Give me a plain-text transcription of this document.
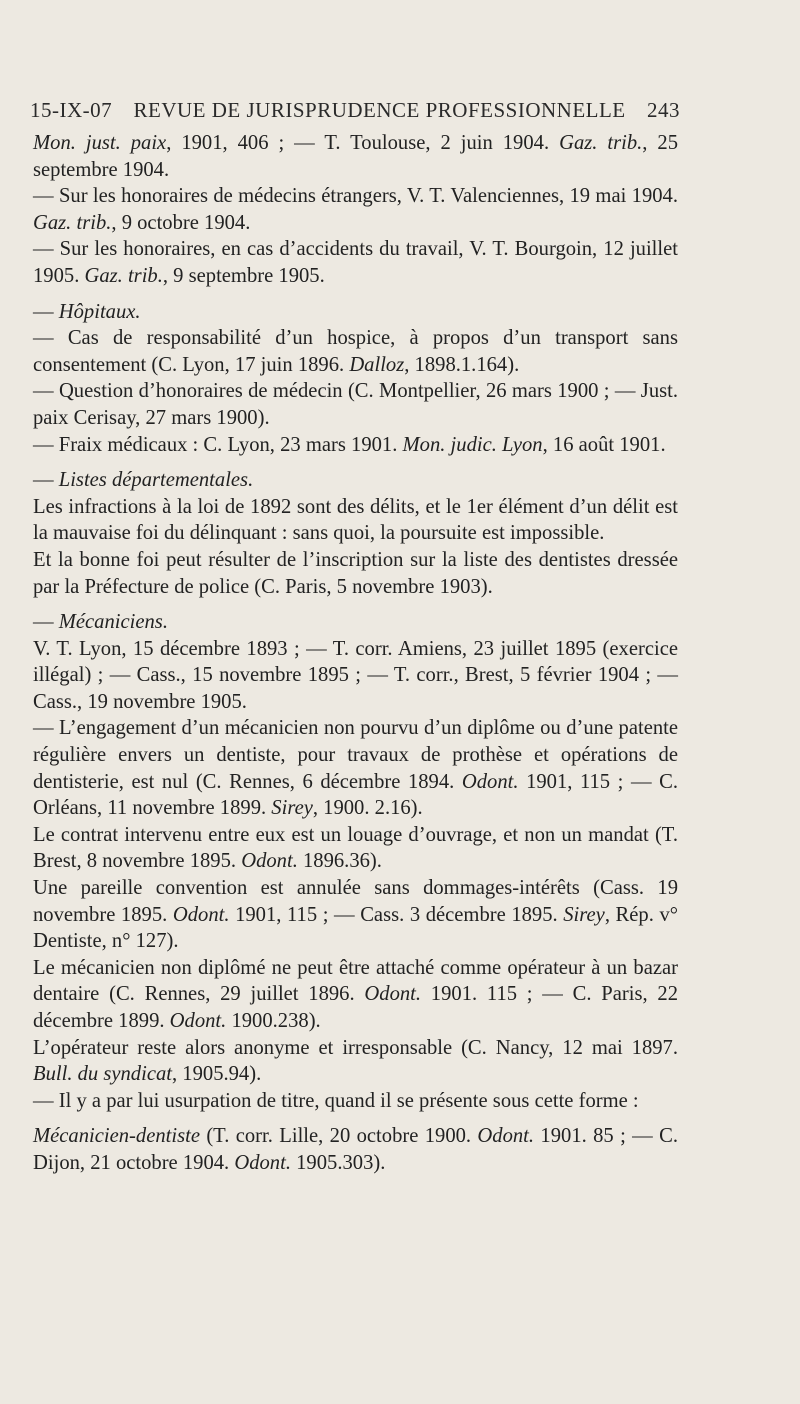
15-IX-07 REVUE DE JURISPRUDENCE PROFESSIONNELLE 243

Mon. just. paix, 1901, 406 ; — T. Toulouse, 2 juin 1904. Gaz. trib., 25 septembre 1904.

— Sur les honoraires de médecins étrangers, V. T. Valenciennes, 19 mai 1904. Gaz. trib., 9 octobre 1904.

— Sur les honoraires, en cas d’accidents du travail, V. T. Bourgoin, 12 juillet 1905. Gaz. trib., 9 septembre 1905.

— Hôpitaux.

— Cas de responsabilité d’un hospice, à propos d’un transport sans consentement (C. Lyon, 17 juin 1896. Dalloz, 1898.1.164).

— Question d’honoraires de médecin (C. Montpellier, 26 mars 1900 ; — Just. paix Cerisay, 27 mars 1900).

— Fraix médicaux : C. Lyon, 23 mars 1901. Mon. judic. Lyon, 16 août 1901.

— Listes départementales.

Les infractions à la loi de 1892 sont des délits, et le 1er élément d’un délit est la mauvaise foi du délinquant : sans quoi, la poursuite est impossible.

Et la bonne foi peut résulter de l’inscription sur la liste des dentistes dressée par la Préfecture de police (C. Paris, 5 novembre 1903).

— Mécaniciens.

V. T. Lyon, 15 décembre 1893 ; — T. corr. Amiens, 23 juillet 1895 (exercice illégal) ; — Cass., 15 novembre 1895 ; — T. corr., Brest, 5 février 1904 ; — Cass., 19 novembre 1905.

— L’engagement d’un mécanicien non pourvu d’un diplôme ou d’une patente régulière envers un dentiste, pour travaux de prothèse et opérations de dentisterie, est nul (C. Rennes, 6 décembre 1894. Odont. 1901, 115 ; — C. Orléans, 11 novembre 1899. Sirey, 1900. 2.16).

Le contrat intervenu entre eux est un louage d’ouvrage, et non un mandat (T. Brest, 8 novembre 1895. Odont. 1896.36).

Une pareille convention est annulée sans dommages-intérêts (Cass. 19 novembre 1895. Odont. 1901, 115 ; — Cass. 3 décembre 1895. Sirey, Rép. v° Dentiste, n° 127).

Le mécanicien non diplômé ne peut être attaché comme opérateur à un bazar dentaire (C. Rennes, 29 juillet 1896. Odont. 1901. 115 ; — C. Paris, 22 décembre 1899. Odont. 1900.238).

L’opérateur reste alors anonyme et irresponsable (C. Nancy, 12 mai 1897. Bull. du syndicat, 1905.94).

— Il y a par lui usurpation de titre, quand il se présente sous cette forme :

Mécanicien-dentiste (T. corr. Lille, 20 octobre 1900. Odont. 1901. 85 ; — C. Dijon, 21 octobre 1904. Odont. 1905.303).
